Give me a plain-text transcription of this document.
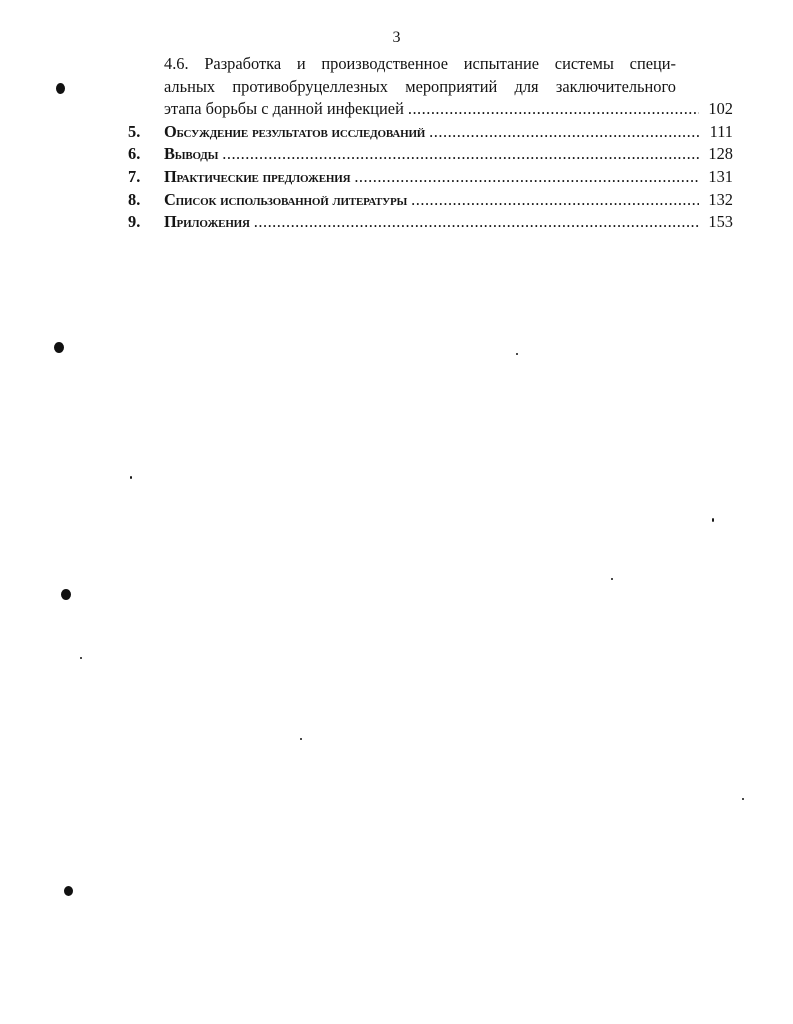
3
4.6. Разработка и производственное испытание системы специ-
альных противобруцеллезных мероприятий для заключительного
этапа борьбы с данной инфекцией .....	102
5.	Обсуждение результатов исследований .....	111
6.	Выводы .....	128
7.	Практические предложения .....	131
8.	Список использованной литературы .....	132
9.	Приложения .....	153
